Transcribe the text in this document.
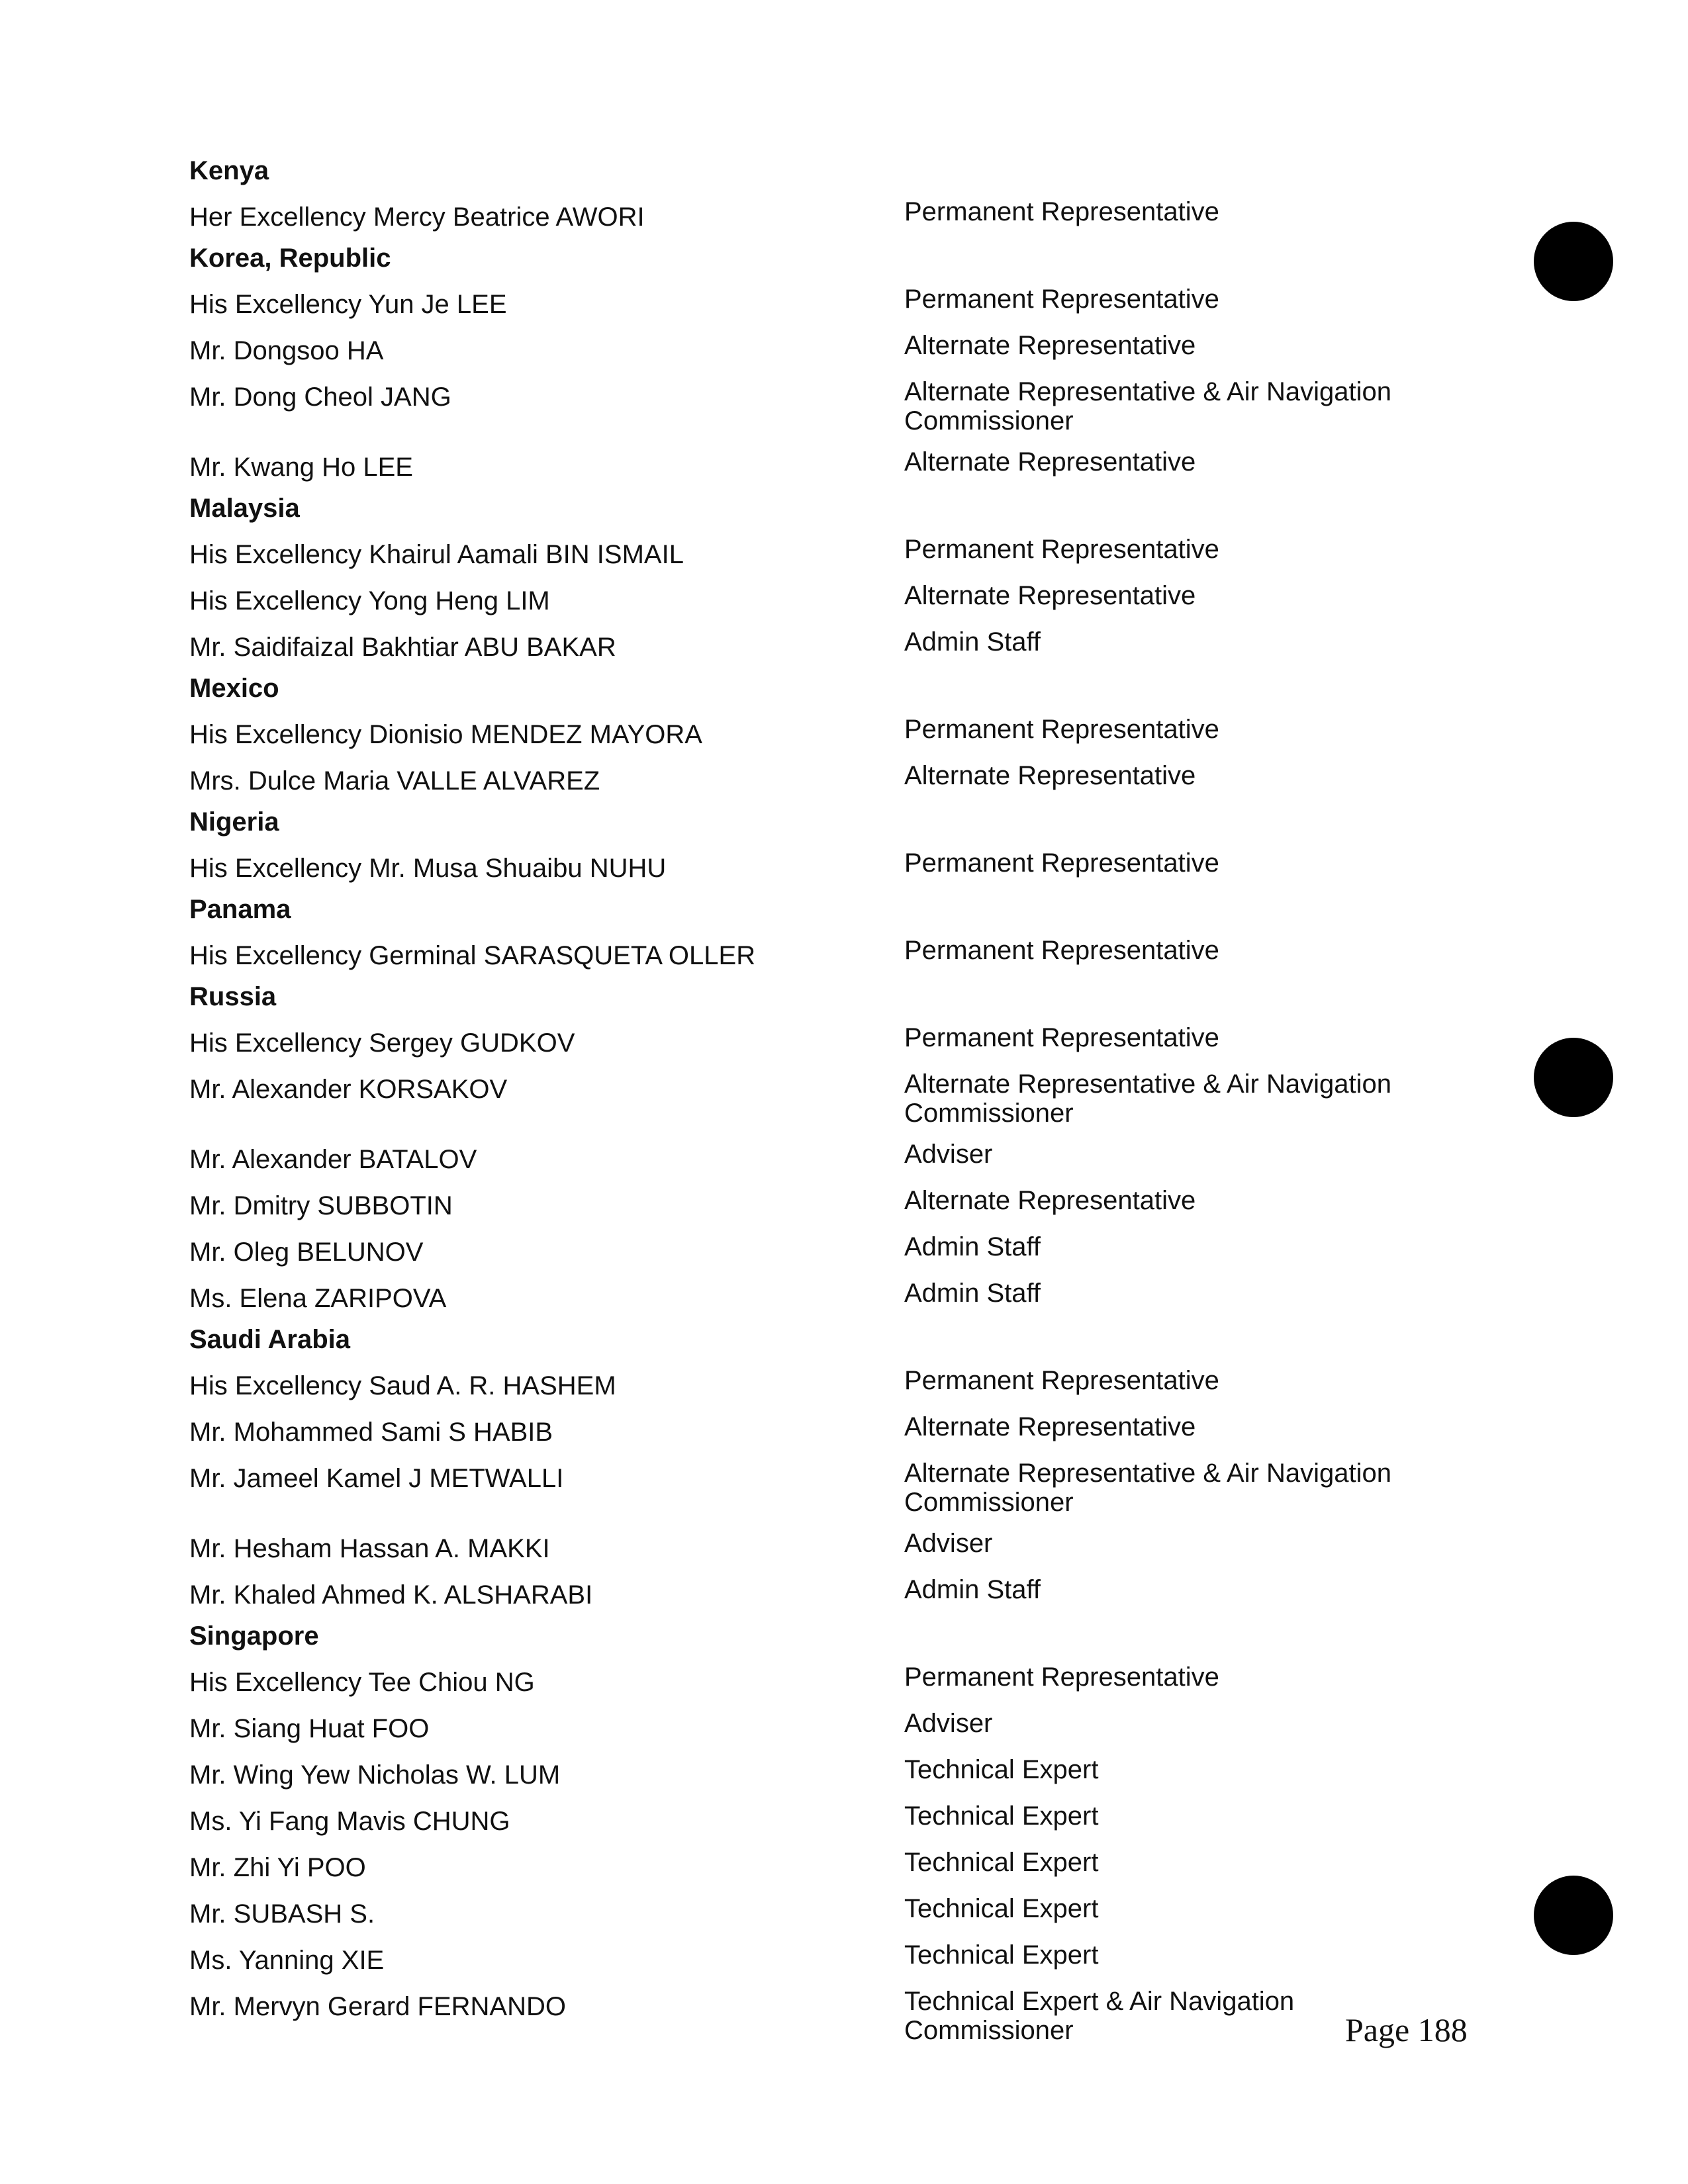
Kenya
Her Excellency Mercy Beatrice AWORI	Permanent Representative
Korea, Republic
His Excellency Yun Je LEE	Permanent Representative
Mr. Dongsoo HA	Alternate Representative
Mr. Dong Cheol JANG	Alternate Representative & Air Navigation Commissioner
Mr. Kwang Ho LEE	Alternate Representative
Malaysia
His Excellency Khairul Aamali BIN ISMAIL	Permanent Representative
His Excellency Yong Heng LIM	Alternate Representative
Mr. Saidifaizal Bakhtiar ABU BAKAR	Admin Staff
Mexico
His Excellency Dionisio MENDEZ MAYORA	Permanent Representative
Mrs. Dulce Maria VALLE ALVAREZ	Alternate Representative
Nigeria
His Excellency Mr. Musa Shuaibu NUHU	Permanent Representative
Panama
His Excellency Germinal SARASQUETA OLLER	Permanent Representative
Russia
His Excellency Sergey GUDKOV	Permanent Representative
Mr. Alexander KORSAKOV	Alternate Representative & Air Navigation Commissioner
Mr. Alexander BATALOV	Adviser
Mr. Dmitry SUBBOTIN	Alternate Representative
Mr. Oleg BELUNOV	Admin Staff
Ms. Elena ZARIPOVA	Admin Staff
Saudi Arabia
His Excellency Saud A. R. HASHEM	Permanent Representative
Mr. Mohammed Sami S HABIB	Alternate Representative
Mr. Jameel Kamel J METWALLI	Alternate Representative & Air Navigation Commissioner
Mr. Hesham Hassan A. MAKKI	Adviser
Mr. Khaled Ahmed K. ALSHARABI	Admin Staff
Singapore
His Excellency Tee Chiou NG	Permanent Representative
Mr. Siang Huat FOO	Adviser
Mr. Wing Yew Nicholas W. LUM	Technical Expert
Ms. Yi Fang Mavis CHUNG	Technical Expert
Mr. Zhi Yi POO	Technical Expert
Mr. SUBASH S.	Technical Expert
Ms. Yanning XIE	Technical Expert
Mr. Mervyn Gerard FERNANDO	Technical Expert & Air Navigation Commissioner	Page 188
